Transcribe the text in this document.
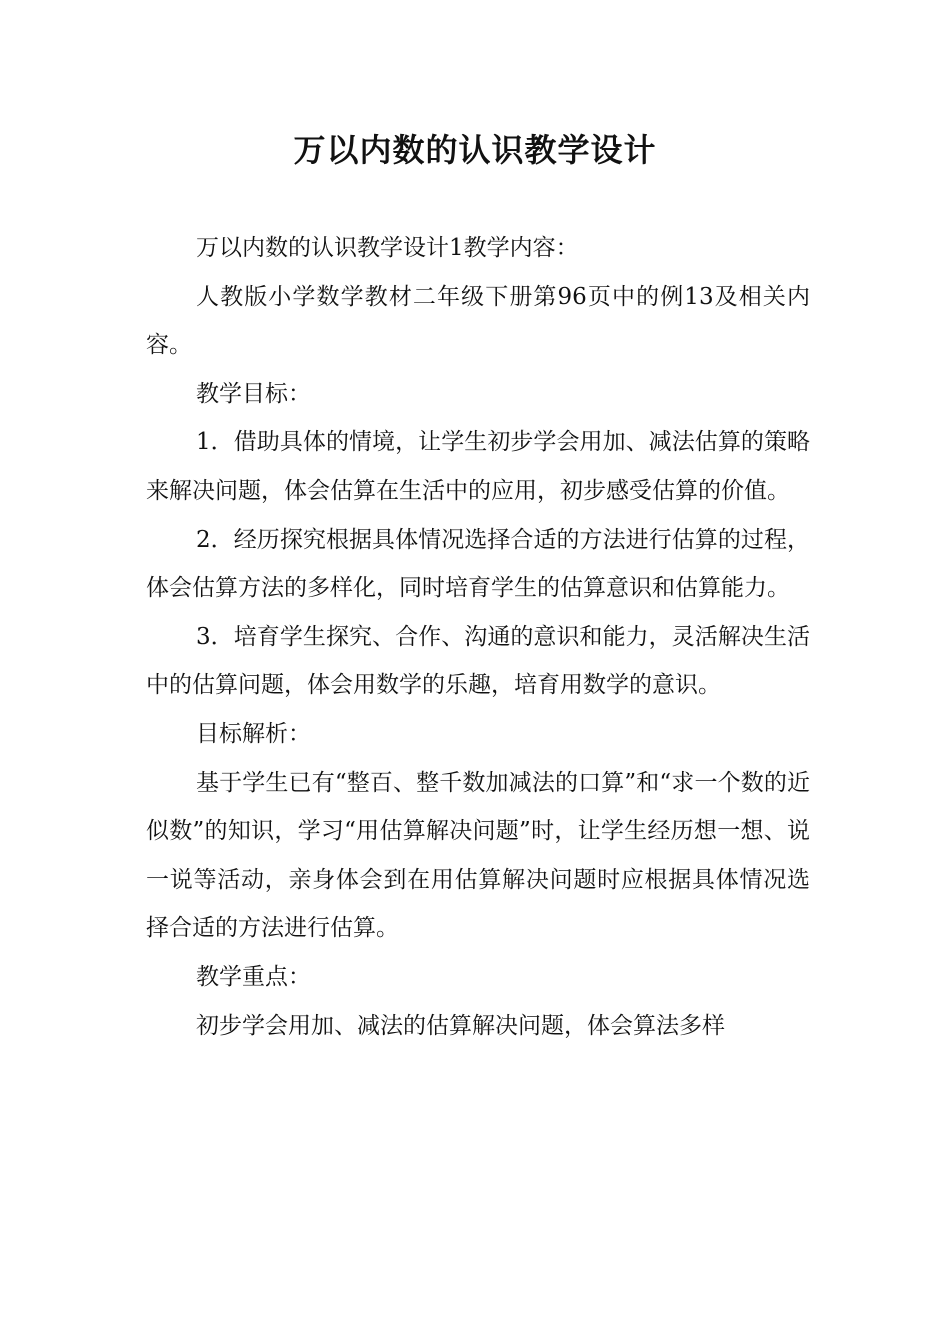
万以内数的认识教学设计

万以内数的认识教学设计1教学内容：

人教版小学数学教材二年级下册第96页中的例13及相关内容。

教学目标：

1．借助具体的情境，让学生初步学会用加、减法估算的策略来解决问题，体会估算在生活中的应用，初步感受估算的价值。

2．经历探究根据具体情况选择合适的方法进行估算的过程，体会估算方法的多样化，同时培育学生的估算意识和估算能力。

3．培育学生探究、合作、沟通的意识和能力，灵活解决生活中的估算问题，体会用数学的乐趣，培育用数学的意识。

目标解析：

基于学生已有“整百、整千数加减法的口算”和“求一个数的近似数”的知识，学习“用估算解决问题”时，让学生经历想一想、说一说等活动，亲身体会到在用估算解决问题时应根据具体情况选择合适的方法进行估算。

教学重点：

初步学会用加、减法的估算解决问题，体会算法多样
